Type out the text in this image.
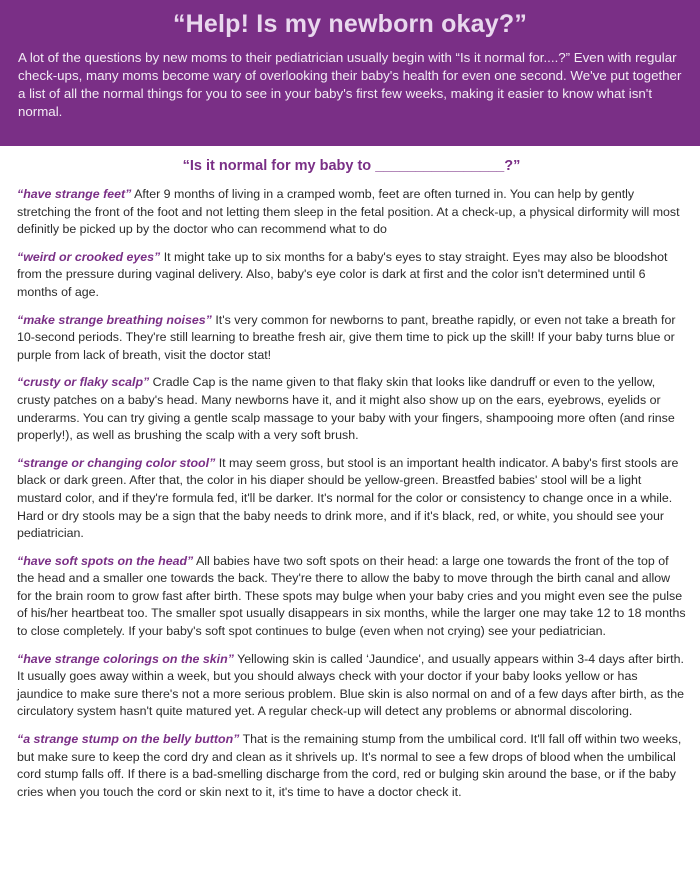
“Help! Is my newborn okay?”

A lot of the questions by new moms to their pediatrician usually begin with “Is it normal for....?” Even with regular check-ups, many moms become wary of overlooking their baby's health for even one second. We've put together a list of all the normal things for you to see in your baby's first few weeks, making it easier to know what isn't normal.

“Is it normal for my baby to ________________?”

“have strange feet” After 9 months of living in a cramped womb, feet are often turned in. You can help by gently stretching the front of the foot and not letting them sleep in the fetal position. At a check-up, a physical dirformity will most definitly be picked up by the doctor who can recommend what to do

“weird or crooked eyes” It might take up to six months for a baby's eyes to stay straight. Eyes may also be bloodshot from the pressure during vaginal delivery. Also, baby's eye color is dark at first and the color isn't determined until 6 months of age.

“make strange breathing noises” It's very common for newborns to pant, breathe rapidly, or even not take a breath for 10-second periods. They're still learning to breathe fresh air, give them time to pick up the skill! If your baby turns blue or purple from lack of breath, visit the doctor stat!

“crusty or flaky scalp” Cradle Cap is the name given to that flaky skin that looks like dandruff or even to the yellow, crusty patches on a baby's head. Many newborns have it, and it might also show up on the ears, eyebrows, eyelids or underarms. You can try giving a gentle scalp massage to your baby with your fingers, shampooing more often (and rinse properly!), as well as brushing the scalp with a very soft brush.

“strange or changing color stool” It may seem gross, but stool is an important health indicator. A baby's first stools are black or dark green. After that, the color in his diaper should be yellow-green. Breastfed babies' stool will be a light mustard color, and if they're formula fed, it'll be darker. It's normal for the color or consistency to change once in a while. Hard or dry stools may be a sign that the baby needs to drink more, and if it's black, red, or white, you should see your pediatrician.

“have soft spots on the head” All babies have two soft spots on their head: a large one towards the front of the top of the head and a smaller one towards the back. They're there to allow the baby to move through the birth canal and allow for the brain room to grow fast after birth. These spots may bulge when your baby cries and you might even see the pulse of his/her heartbeat too. The smaller spot usually disappears in six months, while the larger one may take 12 to 18 months to close completely. If your baby's soft spot continues to bulge (even when not crying) see your pediatrician.

“have strange colorings on the skin” Yellowing skin is called ‘Jaundice', and usually appears within 3-4 days after birth. It usually goes away within a week, but you should always check with your doctor if your baby looks yellow or has jaundice to make sure there's not a more serious problem. Blue skin is also normal on and of a few days after birth, as the circulatory system hasn't quite matured yet. A regular check-up will detect any problems or abnormal discoloring.

“a strange stump on the belly button” That is the remaining stump from the umbilical cord. It'll fall off within two weeks, but make sure to keep the cord dry and clean as it shrivels up. It's normal to see a few drops of blood when the umbilical cord stump falls off. If there is a bad-smelling discharge from the cord, red or bulging skin around the base, or if the baby cries when you touch the cord or skin next to it, it's time to have a doctor check it.
